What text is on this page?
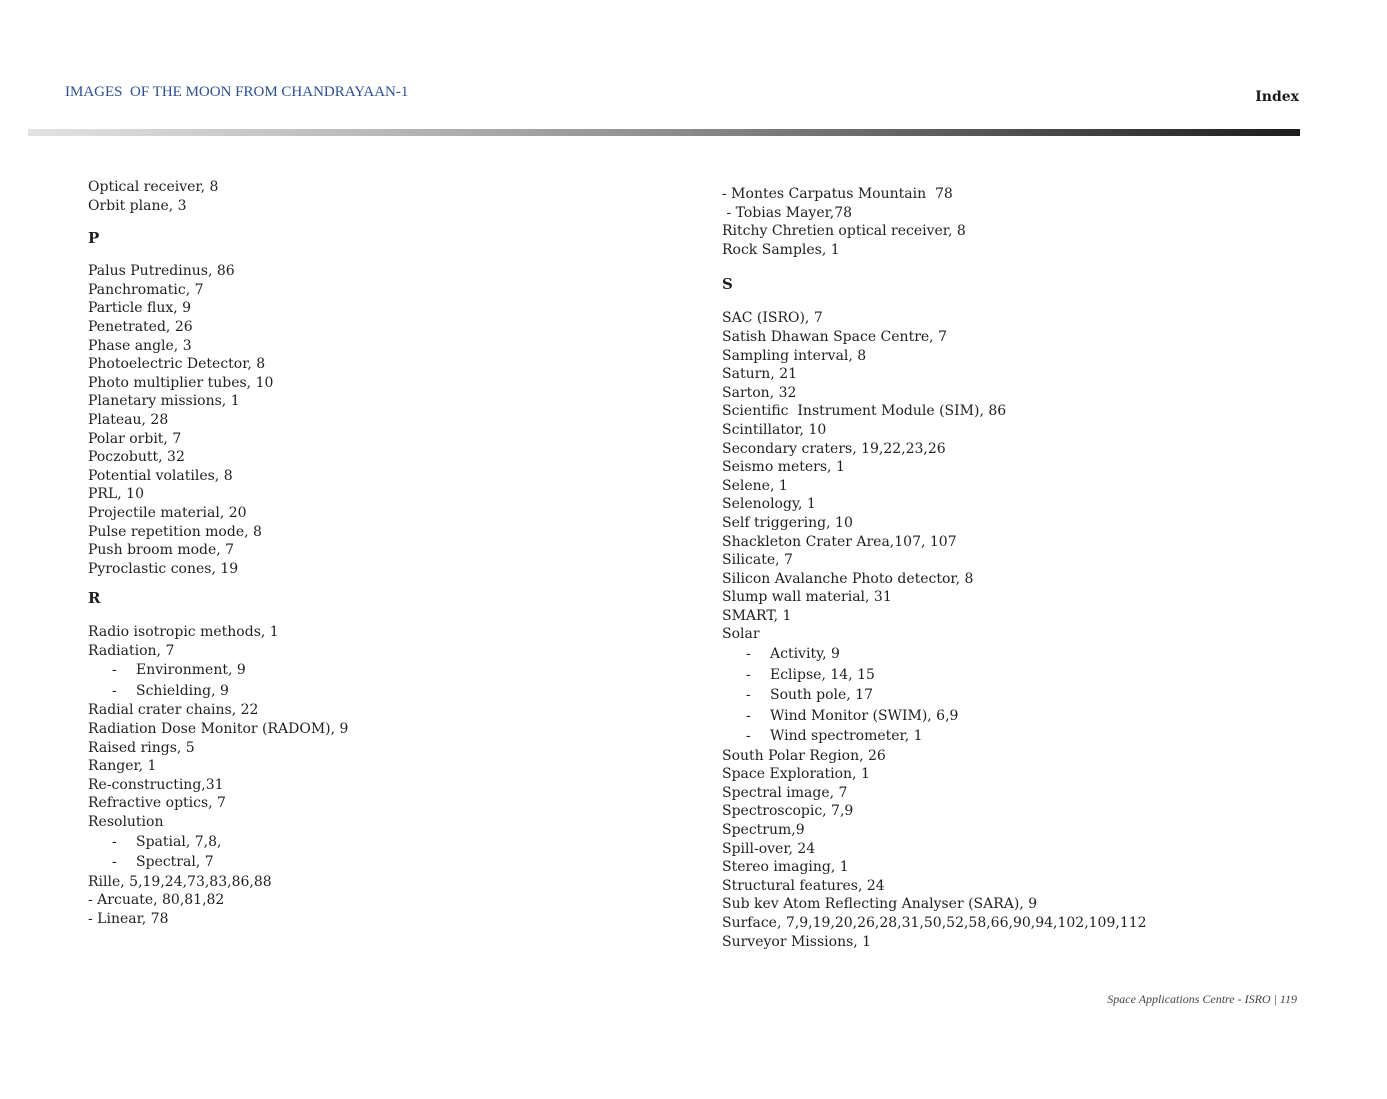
IMAGES  OF THE MOON FROM CHANDRAYAAN-1	Index
Optical receiver, 8
Orbit plane, 3
P
Palus Putredinus, 86
Panchromatic, 7
Particle flux, 9
Penetrated, 26
Phase angle, 3
Photoelectric Detector, 8
Photo multiplier tubes, 10
Planetary missions, 1
Plateau, 28
Polar orbit, 7
Poczobutt, 32
Potential volatiles, 8
PRL, 10
Projectile material, 20
Pulse repetition mode, 8
Push broom mode, 7
Pyroclastic cones, 19
R
Radio isotropic methods, 1
Radiation, 7
- Environment, 9
- Schielding, 9
Radial crater chains, 22
Radiation Dose Monitor (RADOM), 9
Raised rings, 5
Ranger, 1
Re-constructing,31
Refractive optics, 7
Resolution
- Spatial, 7,8,
- Spectral, 7
Rille, 5,19,24,73,83,86,88
- Arcuate, 80,81,82
- Linear, 78
- Montes Carpatus Mountain  78
- Tobias Mayer,78
Ritchy Chretien optical receiver, 8
Rock Samples, 1
S
SAC (ISRO), 7
Satish Dhawan Space Centre, 7
Sampling interval, 8
Saturn, 21
Sarton, 32
Scientific  Instrument Module (SIM), 86
Scintillator, 10
Secondary craters, 19,22,23,26
Seismo meters, 1
Selene, 1
Selenology, 1
Self triggering, 10
Shackleton Crater Area,107, 107
Silicate, 7
Silicon Avalanche Photo detector, 8
Slump wall material, 31
SMART, 1
Solar
- Activity, 9
- Eclipse, 14, 15
- South pole, 17
- Wind Monitor (SWIM), 6,9
- Wind spectrometer, 1
South Polar Region, 26
Space Exploration, 1
Spectral image, 7
Spectroscopic, 7,9
Spectrum,9
Spill-over, 24
Stereo imaging, 1
Structural features, 24
Sub kev Atom Reflecting Analyser (SARA), 9
Surface, 7,9,19,20,26,28,31,50,52,58,66,90,94,102,109,112
Surveyor Missions, 1
Space Applications Centre - ISRO | 119
